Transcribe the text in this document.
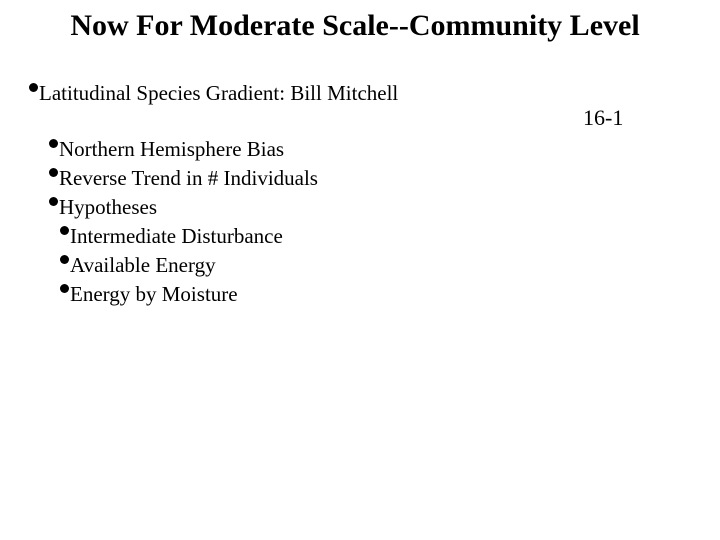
Now For Moderate Scale--Community Level
16-1
Latitudinal Species Gradient: Bill Mitchell
Northern Hemisphere Bias
Reverse Trend in # Individuals
Hypotheses
Intermediate Disturbance
Available Energy
Energy by Moisture
